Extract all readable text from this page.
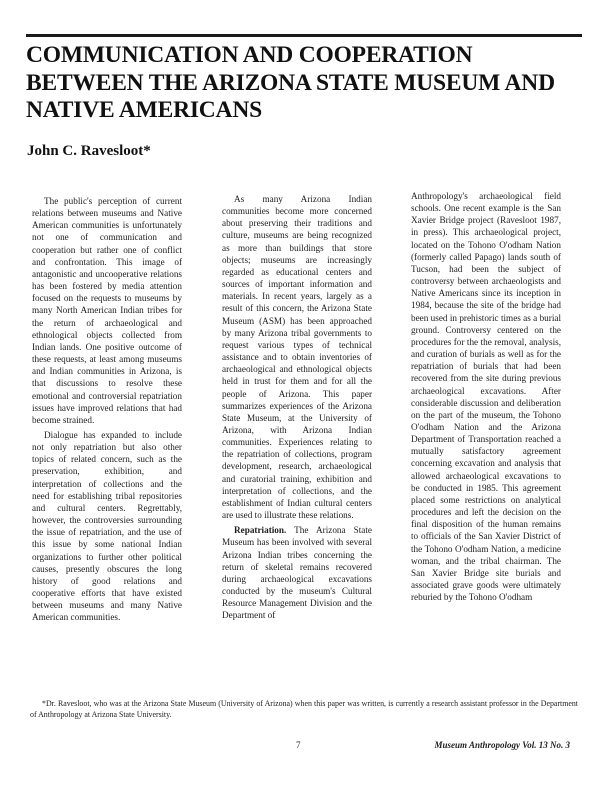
COMMUNICATION AND COOPERATION BETWEEN THE ARIZONA STATE MUSEUM AND NATIVE AMERICANS

John C. Ravesloot*

The public's perception of current relations between museums and Native American communities is unfortunately not one of communication and cooperation but rather one of conflict and confrontation. This image of antagonistic and uncooperative relations has been fostered by media attention focused on the requests to museums by many North American Indian tribes for the return of archaeological and ethnological objects collected from Indian lands. One positive outcome of these requests, at least among museums and Indian communities in Arizona, is that discussions to resolve these emotional and controversial repatriation issues have improved relations that had become strained.

Dialogue has expanded to include not only repatriation but also other topics of related concern, such as the preservation, exhibition, and interpretation of collections and the need for establishing tribal repositories and cultural centers. Regrettably, however, the controversies surrounding the issue of repatriation, and the use of this issue by some national Indian organizations to further other political causes, presently obscures the long history of good relations and cooperative efforts that have existed between museums and many Native American communities.

As many Arizona Indian communities become more concerned about preserving their traditions and culture, museums are being recognized as more than buildings that store objects; museums are increasingly regarded as educational centers and sources of important information and materials. In recent years, largely as a result of this concern, the Arizona State Museum (ASM) has been approached by many Arizona tribal governments to request various types of technical assistance and to obtain inventories of archaeological and ethnological objects held in trust for them and for all the people of Arizona. This paper summarizes experiences of the Arizona State Museum, at the University of Arizona, with Arizona Indian communities. Experiences relating to the repatriation of collections, program development, research, archaeological and curatorial training, exhibition and interpretation of collections, and the establishment of Indian cultural centers are used to illustrate these relations.

Repatriation. The Arizona State Museum has been involved with several Arizona Indian tribes concerning the return of skeletal remains recovered during archaeological excavations conducted by the museum's Cultural Resource Management Division and the Department of

Anthropology's archaeological field schools. One recent example is the San Xavier Bridge project (Ravesloot 1987, in press). This archaeological project, located on the Tohono O'odham Nation (formerly called Papago) lands south of Tucson, had been the subject of controversy between archaeologists and Native Americans since its inception in 1984, because the site of the bridge had been used in prehistoric times as a burial ground. Controversy centered on the procedures for the the removal, analysis, and curation of burials as well as for the repatriation of burials that had been recovered from the site during previous archaeological excavations. After considerable discussion and deliberation on the part of the museum, the Tohono O'odham Nation and the Arizona Department of Transportation reached a mutually satisfactory agreement concerning excavation and analysis that allowed archaeological excavations to be conducted in 1985. This agreement placed some restrictions on analytical procedures and left the decision on the final disposition of the human remains to officials of the San Xavier District of the Tohono O'odham Nation, a medicine woman, and the tribal chairman. The San Xavier Bridge site burials and associated grave goods were ultimately reburied by the Tohono O'odham

*Dr. Ravesloot, who was at the Arizona State Museum (University of Arizona) when this paper was written, is currently a research assistant professor in the Department of Anthropology at Arizona State University.

7	Museum Anthropology Vol. 13 No. 3
